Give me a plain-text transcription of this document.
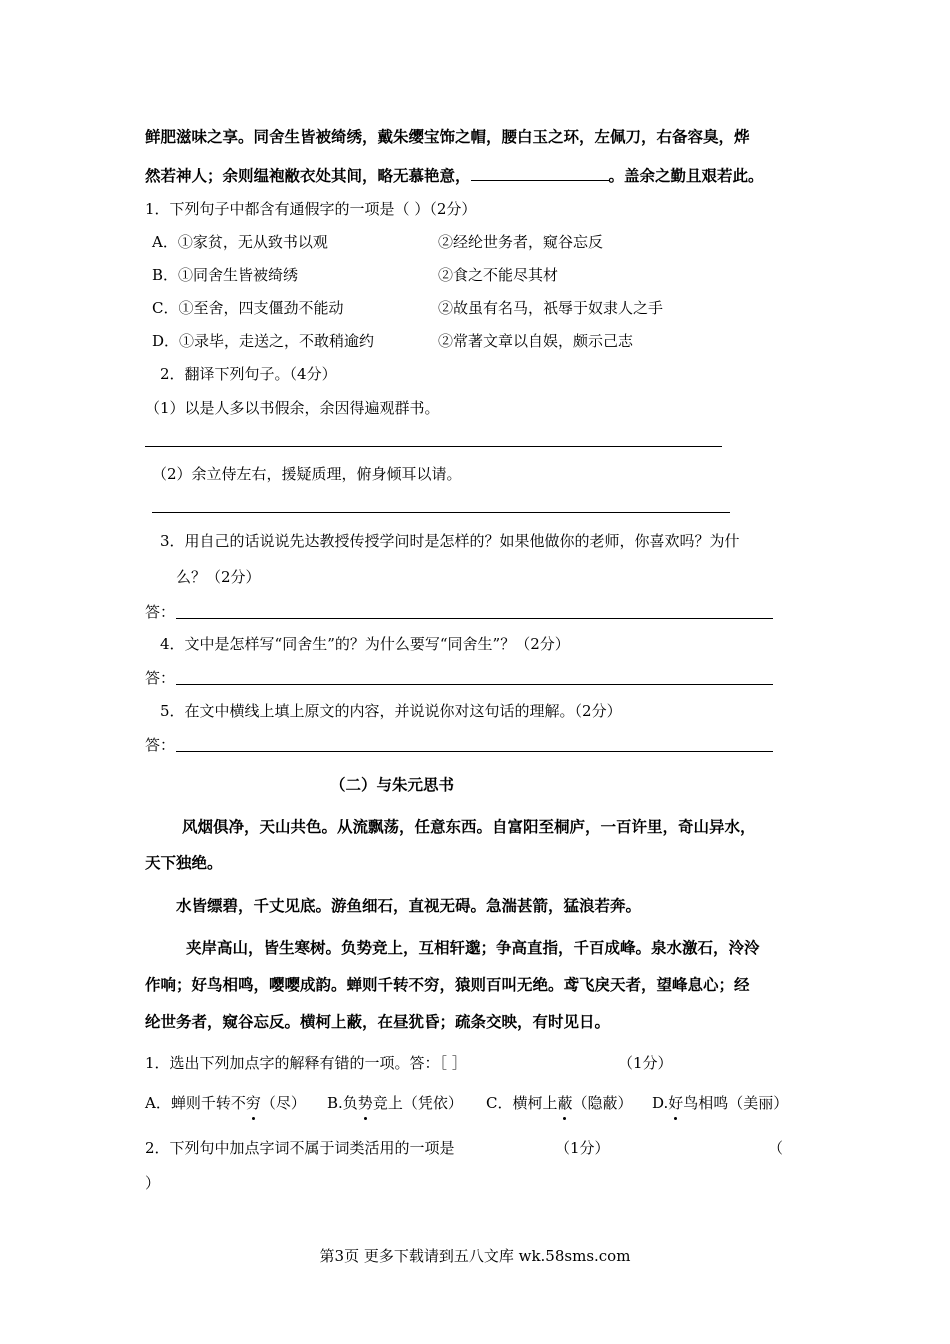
鲜肥滋味之享。同舍生皆被绮绣，戴朱缨宝饰之帽，腰白玉之环，左佩刀，右备容臭，烨
然若神人；余则缊袍敝衣处其间，略无慕艳意，	。盖余之勤且艰若此。
1．下列句子中都含有通假字的一项是（ ）（2分）
A．①家贫，无从致书以观	②经纶世务者，窥谷忘反
B．①同舍生皆被绮绣	②食之不能尽其材
C．①至舍，四支僵劲不能动	②故虽有名马，祇辱于奴隶人之手
D．①录毕，走送之，不敢稍逾约	②常著文章以自娱，颇示己志
2．翻译下列句子。（4分）
（1）以是人多以书假余，余因得遍观群书。
（2）余立侍左右，援疑质理，俯身倾耳以请。
3．用自己的话说说先达教授传授学问时是怎样的？如果他做你的老师，你喜欢吗？为什
么？（2分）
答：
4．文中是怎样写“同舍生”的？为什么要写“同舍生”？（2分）
答：
5．在文中横线上填上原文的内容，并说说你对这句话的理解。（2分）
答：
（二）与朱元思书
风烟俱净，天山共色。从流飘荡，任意东西。自富阳至桐庐，一百许里，奇山异水，
天下独绝。
水皆缥碧，千丈见底。游鱼细石，直视无碍。急湍甚箭，猛浪若奔。
夹岸高山，皆生寒树。负势竞上，互相轩邈；争高直指，千百成峰。泉水激石，泠泠
作响；好鸟相鸣，嘤嘤成韵。蝉则千转不穷，猿则百叫无绝。鸢飞戾天者，望峰息心；经
纶世务者，窥谷忘反。横柯上蔽，在昼犹昏；疏条交映，有时见日。
1．选出下列加点字的解释有错的一项。答：［ ］	（1分）
A．蝉则千转不穷（尽） B.负势竞上（凭依） C．横柯上蔽（隐蔽） D.好鸟相鸣（美丽）
2．下列句中加点字词不属于词类活用的一项是	（1分）	（
）
第3页 更多下载请到五八文库 wk.58sms.com
